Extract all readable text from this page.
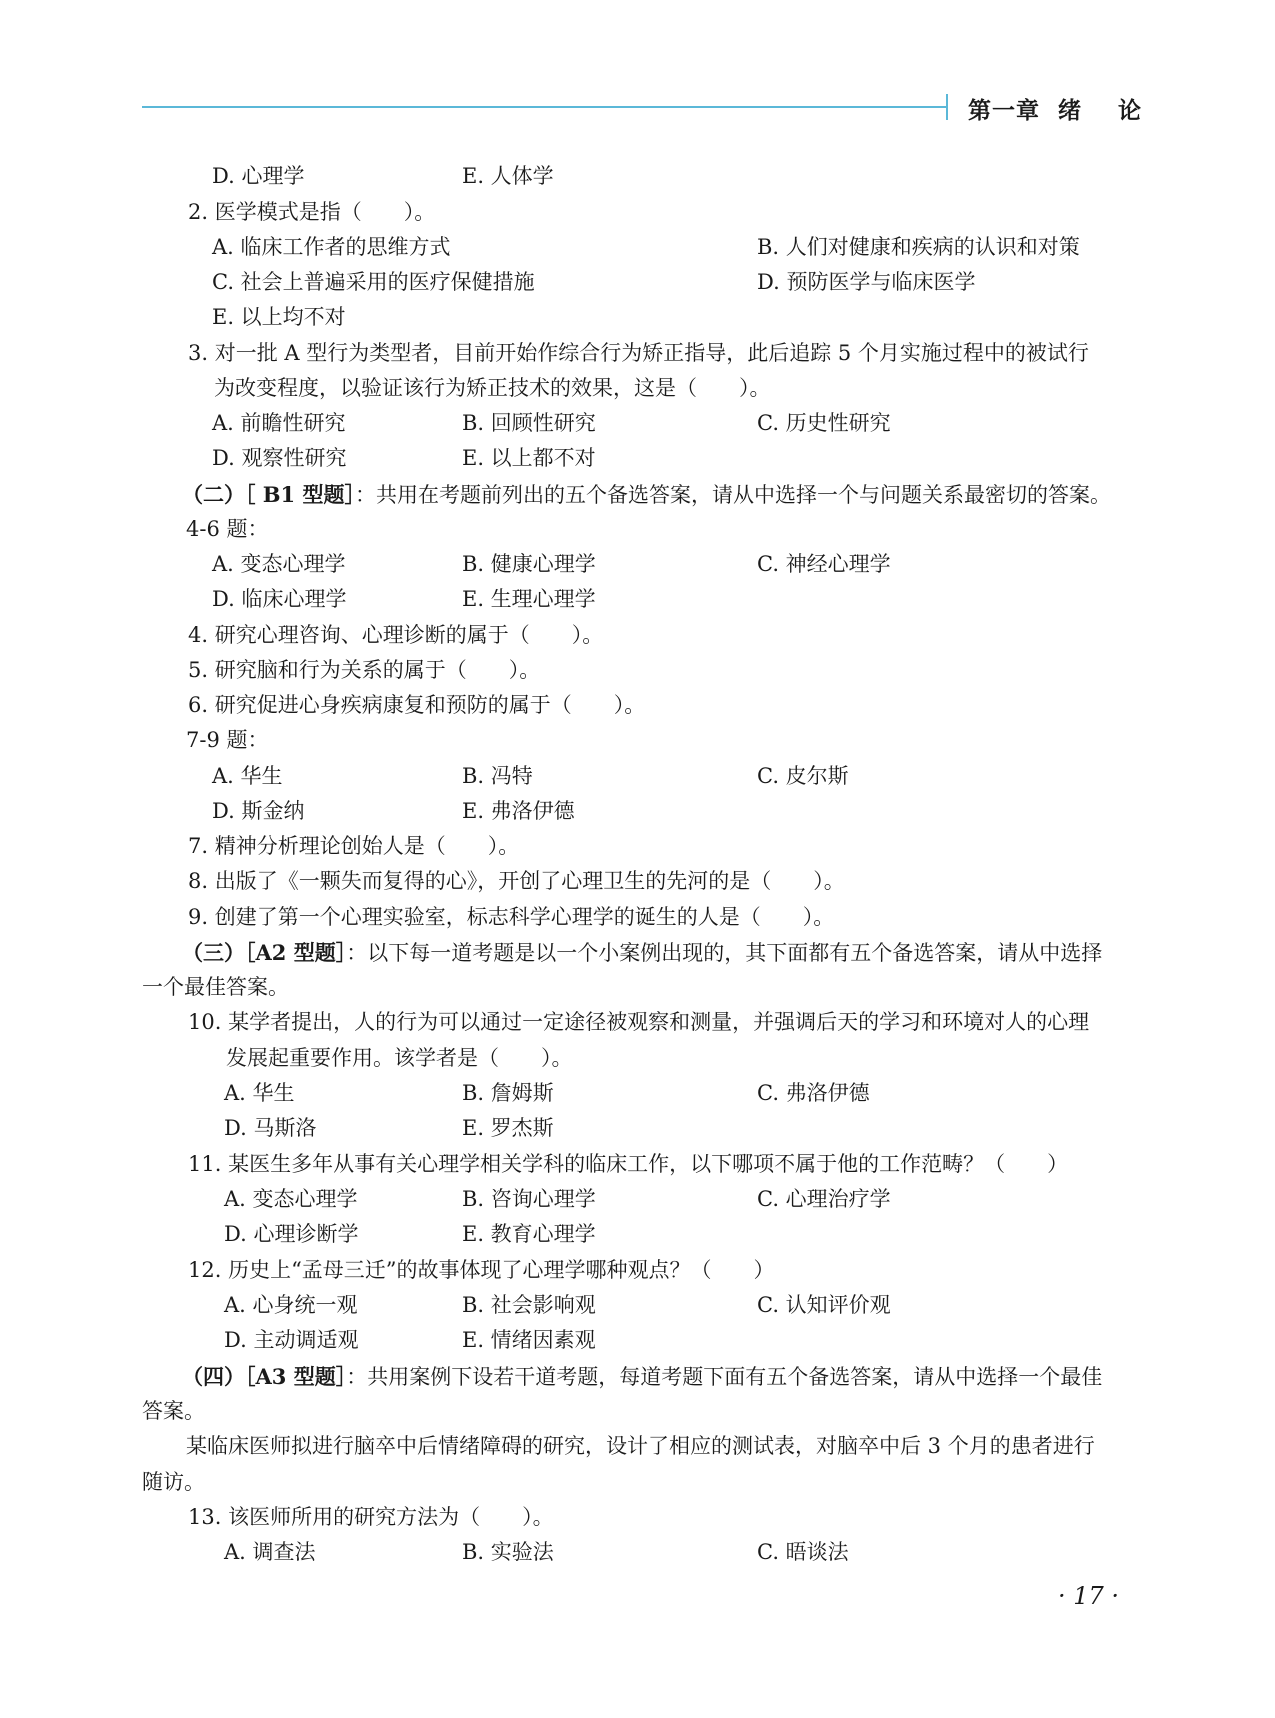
第一章  绪    论
D. 心理学	E. 人体学
2. 医学模式是指（　　）。
A. 临床工作者的思维方式	B. 人们对健康和疾病的认识和对策
C. 社会上普遍采用的医疗保健措施	D. 预防医学与临床医学
E. 以上均不对
3. 对一批 A 型行为类型者，目前开始作综合行为矫正指导，此后追踪 5 个月实施过程中的被试行
为改变程度，以验证该行为矫正技术的效果，这是（　　）。
A. 前瞻性研究	B. 回顾性研究	C. 历史性研究
D. 观察性研究	E. 以上都不对
（二）［ B1 型题］：共用在考题前列出的五个备选答案，请从中选择一个与问题关系最密切的答案。
4-6 题：
A. 变态心理学	B. 健康心理学	C. 神经心理学
D. 临床心理学	E. 生理心理学
4. 研究心理咨询、心理诊断的属于（　　）。
5. 研究脑和行为关系的属于（　　）。
6. 研究促进心身疾病康复和预防的属于（　　）。
7-9 题：
A. 华生	B. 冯特	C. 皮尔斯
D. 斯金纳	E. 弗洛伊德
7. 精神分析理论创始人是（　　）。
8. 出版了《一颗失而复得的心》，开创了心理卫生的先河的是（　　）。
9. 创建了第一个心理实验室，标志科学心理学的诞生的人是（　　）。
（三）［A2 型题］：以下每一道考题是以一个小案例出现的，其下面都有五个备选答案，请从中选择
一个最佳答案。
10. 某学者提出，人的行为可以通过一定途径被观察和测量，并强调后天的学习和环境对人的心理
发展起重要作用。该学者是（　　）。
A. 华生	B. 詹姆斯	C. 弗洛伊德
D. 马斯洛	E. 罗杰斯
11. 某医生多年从事有关心理学相关学科的临床工作，以下哪项不属于他的工作范畴？（　　）
A. 变态心理学	B. 咨询心理学	C. 心理治疗学
D. 心理诊断学	E. 教育心理学
12. 历史上“孟母三迁”的故事体现了心理学哪种观点？（　　）
A. 心身统一观	B. 社会影响观	C. 认知评价观
D. 主动调适观	E. 情绪因素观
（四）［A3 型题］：共用案例下设若干道考题，每道考题下面有五个备选答案，请从中选择一个最佳
答案。
某临床医师拟进行脑卒中后情绪障碍的研究，设计了相应的测试表，对脑卒中后 3 个月的患者进行
随访。
13. 该医师所用的研究方法为（　　）。
A. 调查法	B. 实验法	C. 晤谈法
· 17 ·
